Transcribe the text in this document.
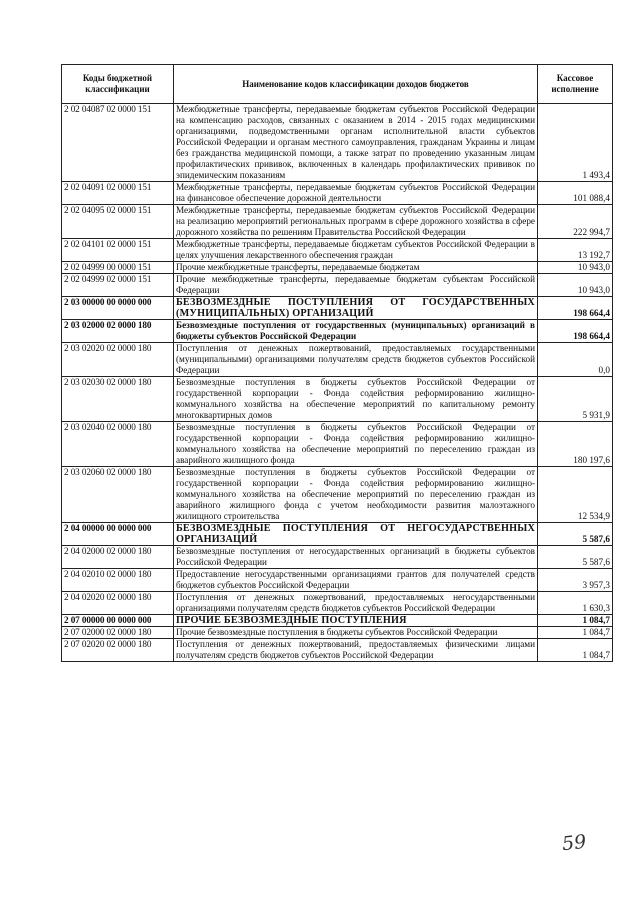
Коды бюджетной классификации	Наименование кодов классификации доходов бюджетов	Кассовое исполнение
2 02 04087 02 0000 151	Межбюджетные трансферты, передаваемые бюджетам субъектов Российской Федерации на компенсацию расходов, связанных с оказанием в 2014 - 2015 годах медицинскими организациями, подведомственными органам исполнительной власти субъектов Российской Федерации и органам местного самоуправления, гражданам Украины и лицам без гражданства медицинской помощи, а также затрат по проведению указанным лицам профилактических прививок, включенных в календарь профилактических прививок по эпидемическим показаниям	1 493,4
2 02 04091 02 0000 151	Межбюджетные трансферты, передаваемые бюджетам субъектов Российской Федерации на финансовое обеспечение дорожной деятельности	101 088,4
2 02 04095 02 0000 151	Межбюджетные трансферты, передаваемые бюджетам субъектов Российской Федерации на реализацию мероприятий региональных программ в сфере дорожного хозяйства в сфере дорожного хозяйства по решениям Правительства Российской Федерации	222 994,7
2 02 04101 02 0000 151	Межбюджетные трансферты, передаваемые бюджетам субъектов Российской Федерации в целях улучшения лекарственного обеспечения граждан	13 192,7
2 02 04999 00 0000 151	Прочие межбюджетные трансферты, передаваемые бюджетам	10 943,0
2 02 04999 02 0000 151	Прочие межбюджетные трансферты, передаваемые бюджетам субъектам Российской Федерации	10 943,0
2 03 00000 00 0000 000	БЕЗВОЗМЕЗДНЫЕ ПОСТУПЛЕНИЯ ОТ ГОСУДАРСТВЕННЫХ (МУНИЦИПАЛЬНЫХ) ОРГАНИЗАЦИЙ	198 664,4
2 03 02000 02 0000 180	Безвозмездные поступления от государственных (муниципальных) организаций в бюджеты субъектов Российской Федерации	198 664,4
2 03 02020 02 0000 180	Поступления от денежных пожертвований, предоставляемых государственными (муниципальными) организациями получателям средств бюджетов субъектов Российской Федерации	0,0
2 03 02030 02 0000 180	Безвозмездные поступления в бюджеты субъектов Российской Федерации от государственной корпорации - Фонда содействия реформированию жилищно-коммунального хозяйства на обеспечение мероприятий по капитальному ремонту многоквартирных домов	5 931,9
2 03 02040 02 0000 180	Безвозмездные поступления в бюджеты субъектов Российской Федерации от государственной корпорации - Фонда содействия реформированию жилищно-коммунального хозяйства на обеспечение мероприятий по переселению граждан из аварийного жилищного фонда	180 197,6
2 03 02060 02 0000 180	Безвозмездные поступления в бюджеты субъектов Российской Федерации от государственной корпорации - Фонда содействия реформированию жилищно-коммунального хозяйства на обеспечение мероприятий по переселению граждан из аварийного жилищного фонда с учетом необходимости развития малоэтажного жилищного строительства	12 534,9
2 04 00000 00 0000 000	БЕЗВОЗМЕЗДНЫЕ ПОСТУПЛЕНИЯ ОТ НЕГОСУДАРСТВЕННЫХ ОРГАНИЗАЦИЙ	5 587,6
2 04 02000 02 0000 180	Безвозмездные поступления от негосударственных организаций в бюджеты субъектов Российской Федерации	5 587,6
2 04 02010 02 0000 180	Предоставление негосударственными организациями грантов для получателей средств бюджетов субъектов Российской Федерации	3 957,3
2 04 02020 02 0000 180	Поступления от денежных пожертвований, предоставляемых негосударственными организациями получателям средств бюджетов субъектов Российской Федерации	1 630,3
2 07 00000 00 0000 000	ПРОЧИЕ БЕЗВОЗМЕЗДНЫЕ ПОСТУПЛЕНИЯ	1 084,7
2 07 02000 02 0000 180	Прочие безвозмездные поступления в бюджеты субъектов Российской Федерации	1 084,7
2 07 02020 02 0000 180	Поступления от денежных пожертвований, предоставляемых физическими лицами получателям средств бюджетов субъектов Российской Федерации	1 084,7
59
